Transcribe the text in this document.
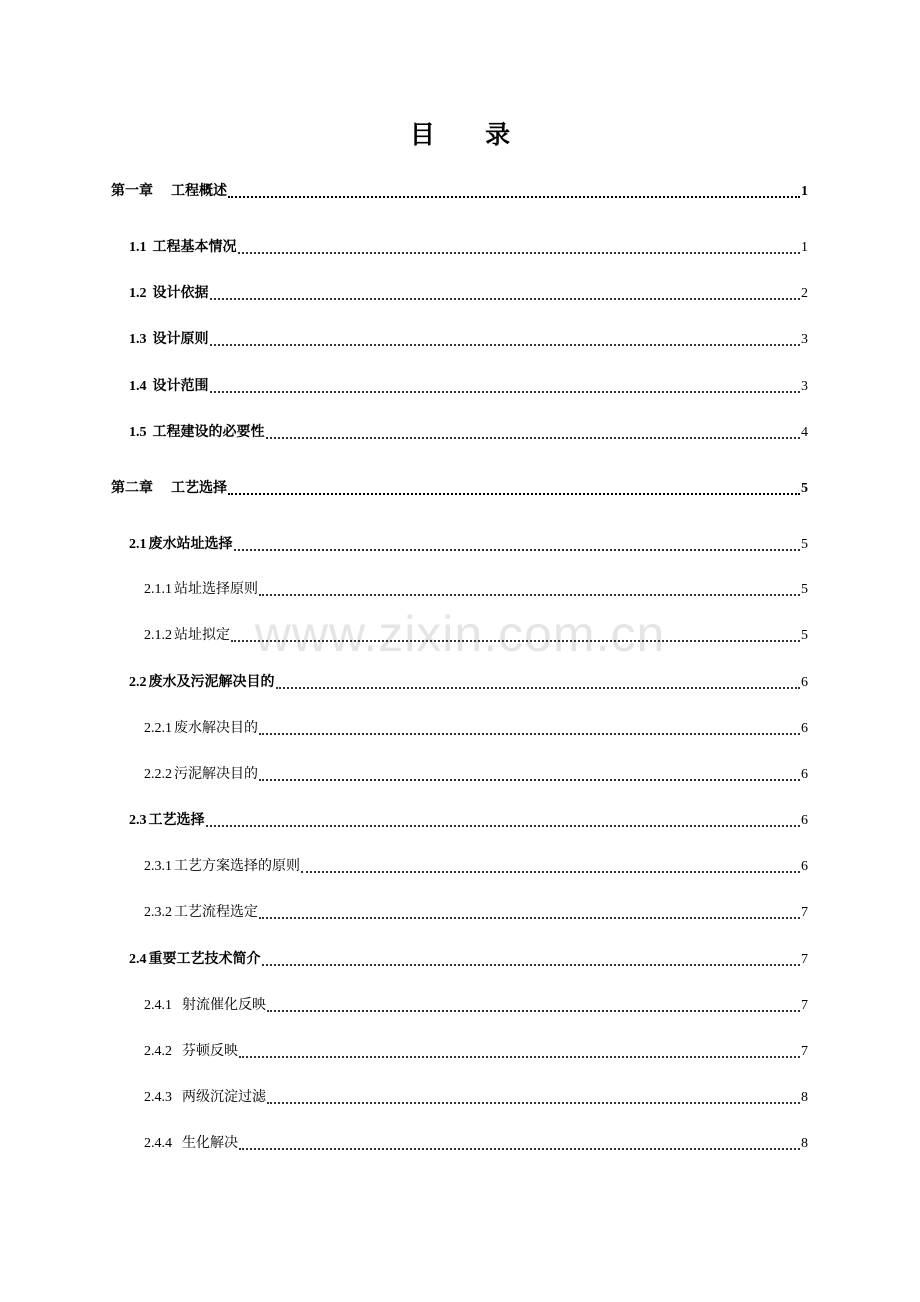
目 录
www.zixin.com.cn
第一章 工程概述	1
1.1 工程基本情况	1
1.2 设计依据	2
1.3 设计原则	3
1.4 设计范围	3
1.5 工程建设的必要性	4
第二章 工艺选择	5
2.1 废水站址选择	5
2.1.1 站址选择原则	5
2.1.2 站址拟定	5
2.2 废水及污泥解决目的	6
2.2.1 废水解决目的	6
2.2.2 污泥解决目的	6
2.3 工艺选择	6
2.3.1 工艺方案选择的原则	6
2.3.2 工艺流程选定	7
2.4 重要工艺技术简介	7
2.4.1 射流催化反映	7
2.4.2 芬顿反映	7
2.4.3 两级沉淀过滤	8
2.4.4 生化解决	8
